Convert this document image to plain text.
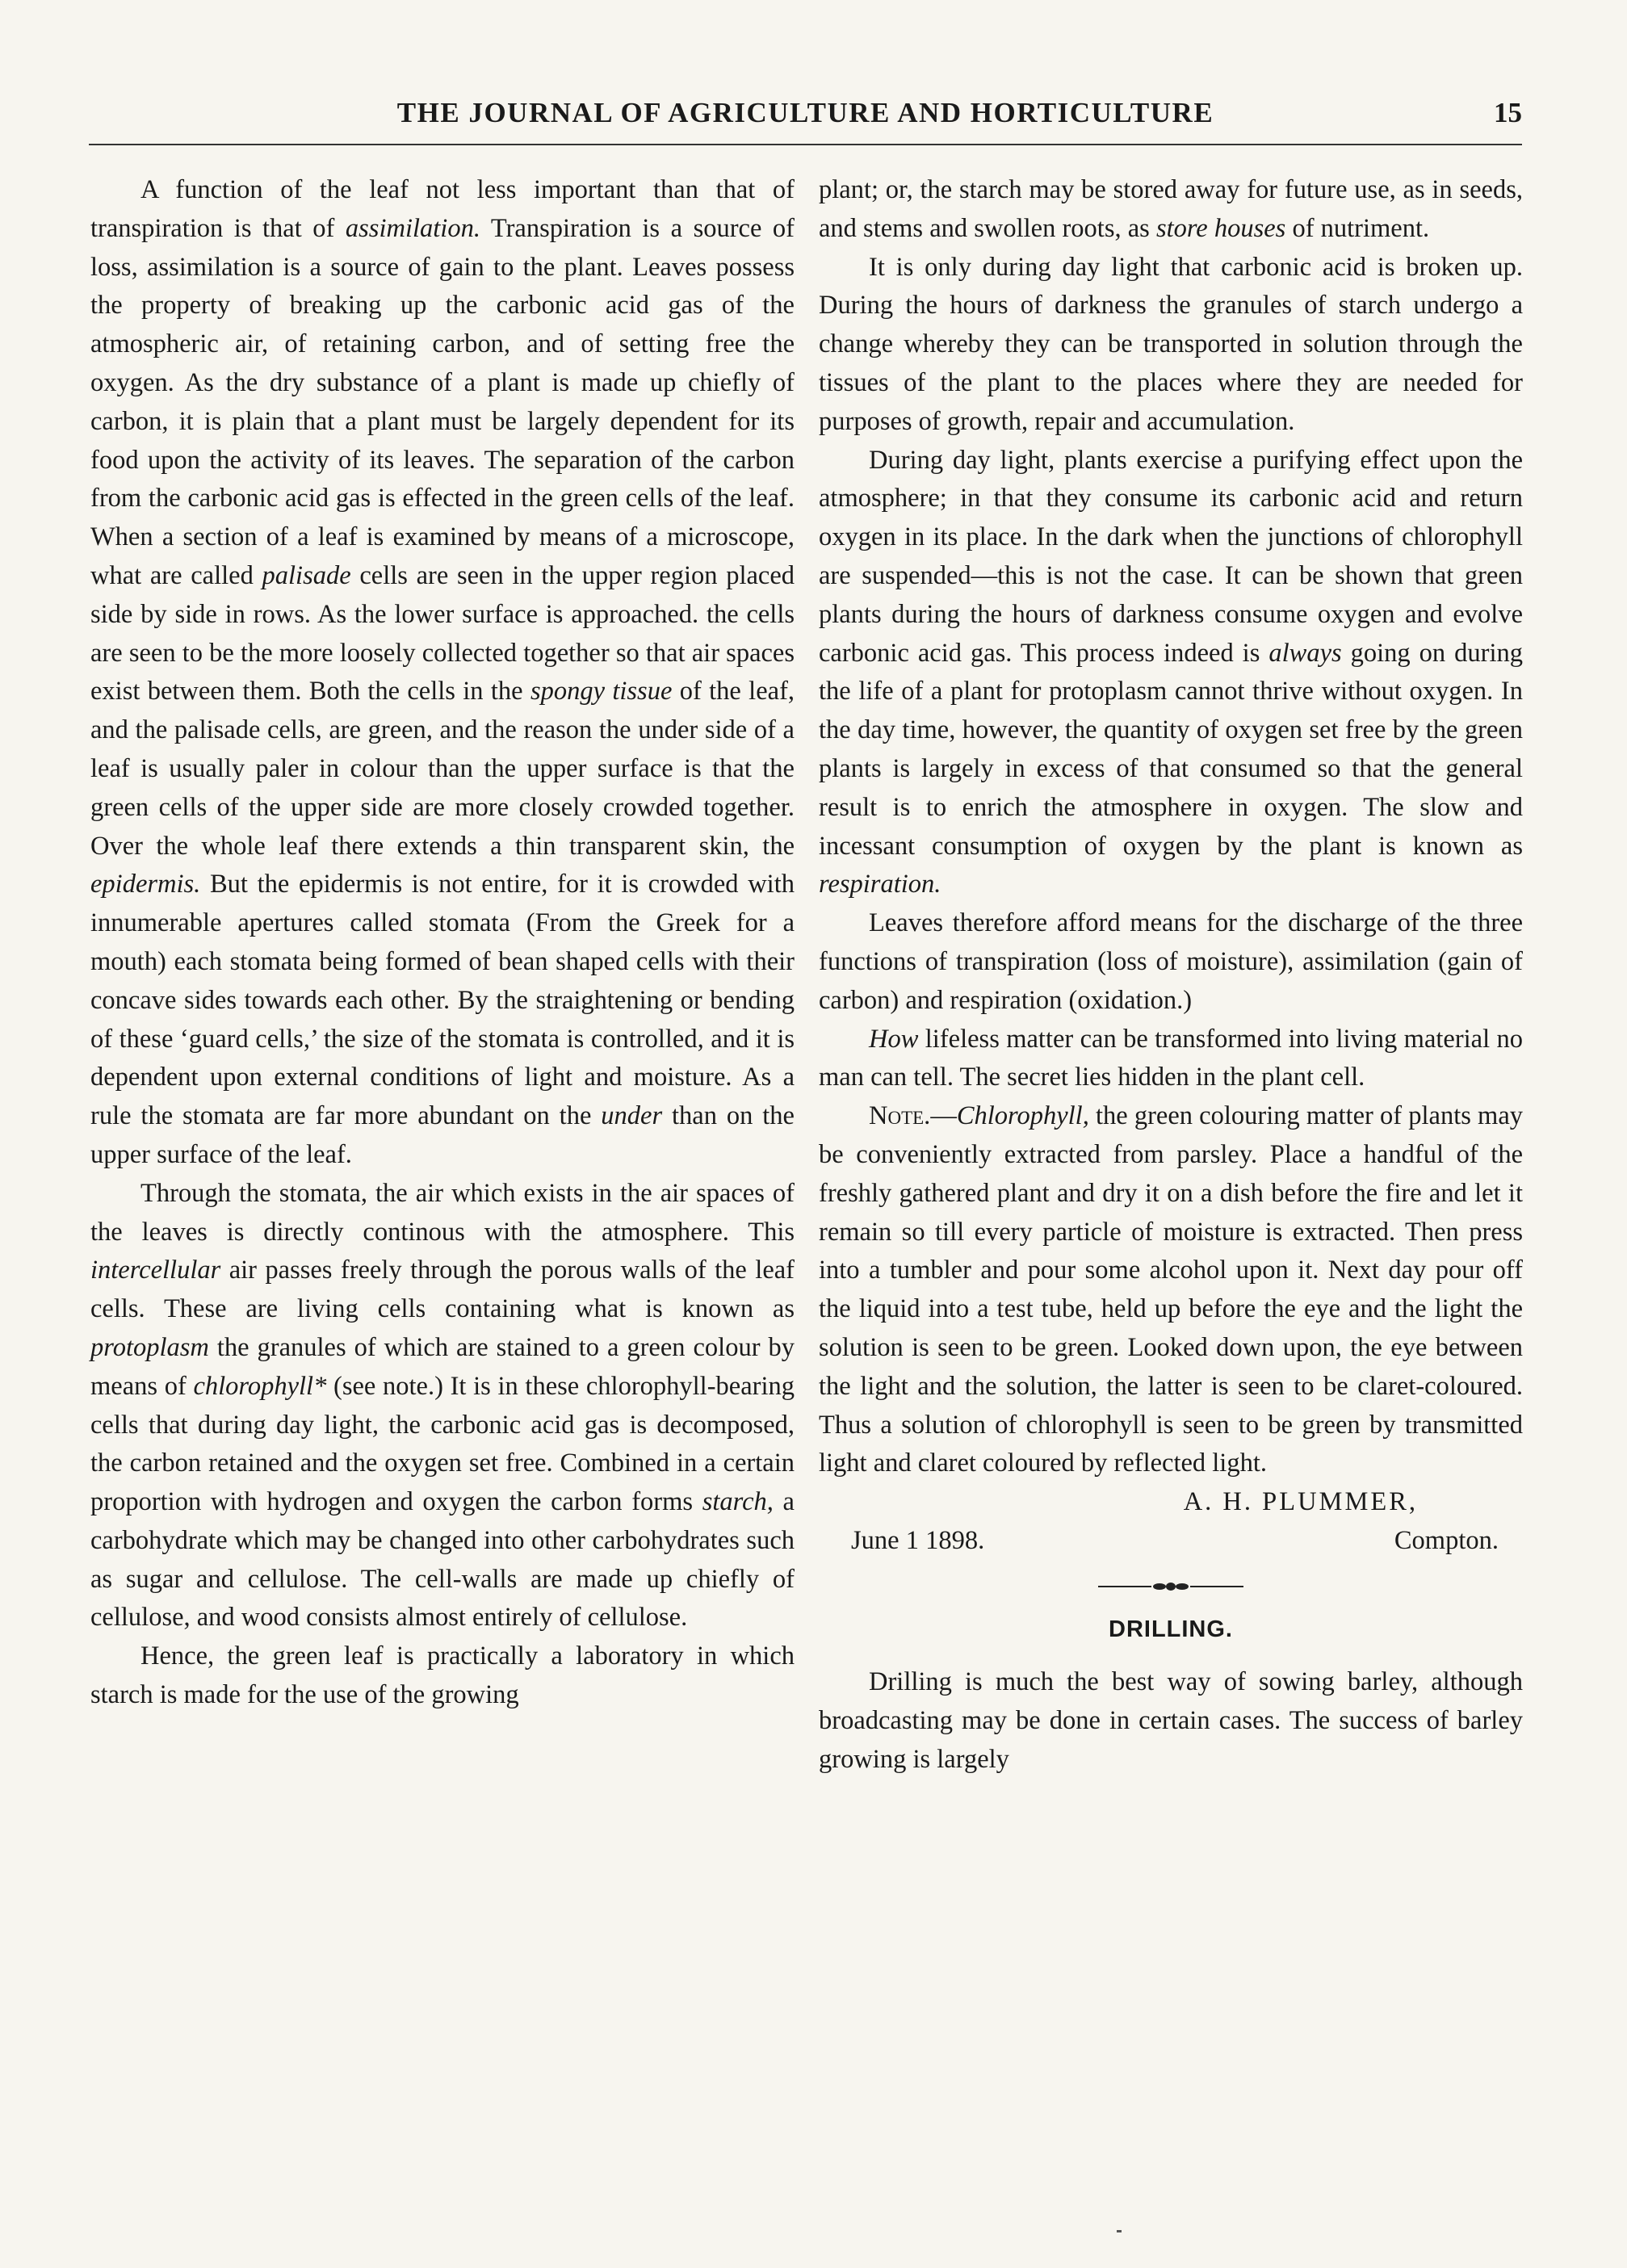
THE JOURNAL OF AGRICULTURE AND HORTICULTURE	15

A function of the leaf not less important than that of transpiration is that of assimilation. Transpiration is a source of loss, assimilation is a source of gain to the plant. Leaves possess the property of breaking up the carbonic acid gas of the atmospheric air, of retaining carbon, and of setting free the oxygen. As the dry substance of a plant is made up chiefly of carbon, it is plain that a plant must be largely dependent for its food upon the activity of its leaves. The separation of the carbon from the carbonic acid gas is effected in the green cells of the leaf. When a section of a leaf is examined by means of a microscope, what are called palisade cells are seen in the upper region placed side by side in rows. As the lower surface is approached. the cells are seen to be the more loosely collected together so that air spaces exist between them. Both the cells in the spongy tissue of the leaf, and the palisade cells, are green, and the reason the under side of a leaf is usually paler in colour than the upper surface is that the green cells of the upper side are more closely crowded together. Over the whole leaf there extends a thin transparent skin, the epidermis. But the epidermis is not entire, for it is crowded with innumerable apertures called stomata (From the Greek for a mouth) each stomata being formed of bean shaped cells with their concave sides towards each other. By the straightening or bending of these ‘guard cells,’ the size of the stomata is controlled, and it is dependent upon external conditions of light and moisture. As a rule the stomata are far more abundant on the under than on the upper surface of the leaf.

Through the stomata, the air which exists in the air spaces of the leaves is directly continous with the atmosphere. This intercellular air passes freely through the porous walls of the leaf cells. These are living cells containing what is known as protoplasm the granules of which are stained to a green colour by means of chlorophyll* (see note.) It is in these chlorophyll-bearing cells that during day light, the carbonic acid gas is decomposed, the carbon retained and the oxygen set free. Combined in a certain proportion with hydrogen and oxygen the carbon forms starch, a carbohydrate which may be changed into other carbohydrates such as sugar and cellulose. The cell-walls are made up chiefly of cellulose, and wood consists almost entirely of cellulose.

Hence, the green leaf is practically a laboratory in which starch is made for the use of the growing

plant; or, the starch may be stored away for future use, as in seeds, and stems and swollen roots, as store houses of nutriment.

It is only during day light that carbonic acid is broken up. During the hours of darkness the granules of starch undergo a change whereby they can be transported in solution through the tissues of the plant to the places where they are needed for purposes of growth, repair and accumulation.

During day light, plants exercise a purifying effect upon the atmosphere; in that they consume its carbonic acid and return oxygen in its place. In the dark when the junctions of chlorophyll are suspended—this is not the case. It can be shown that green plants during the hours of darkness consume oxygen and evolve carbonic acid gas. This process indeed is always going on during the life of a plant for protoplasm cannot thrive without oxygen. In the day time, however, the quantity of oxygen set free by the green plants is largely in excess of that consumed so that the general result is to enrich the atmosphere in oxygen. The slow and incessant consumption of oxygen by the plant is known as respiration.

Leaves therefore afford means for the discharge of the three functions of transpiration (loss of moisture), assimilation (gain of carbon) and respiration (oxidation.)

How lifeless matter can be transformed into living material no man can tell. The secret lies hidden in the plant cell.

Note.—Chlorophyll, the green colouring matter of plants may be conveniently extracted from parsley. Place a handful of the freshly gathered plant and dry it on a dish before the fire and let it remain so till every particle of moisture is extracted. Then press into a tumbler and pour some alcohol upon it. Next day pour off the liquid into a test tube, held up before the eye and the light the solution is seen to be green. Looked down upon, the eye between the light and the solution, the latter is seen to be claret-coloured. Thus a solution of chlorophyll is seen to be green by transmitted light and claret coloured by reflected light.

A. H. PLUMMER,
June 1 1898.	Compton.
DRILLING.

Drilling is much the best way of sowing barley, although broadcasting may be done in certain cases. The success of barley growing is largely
